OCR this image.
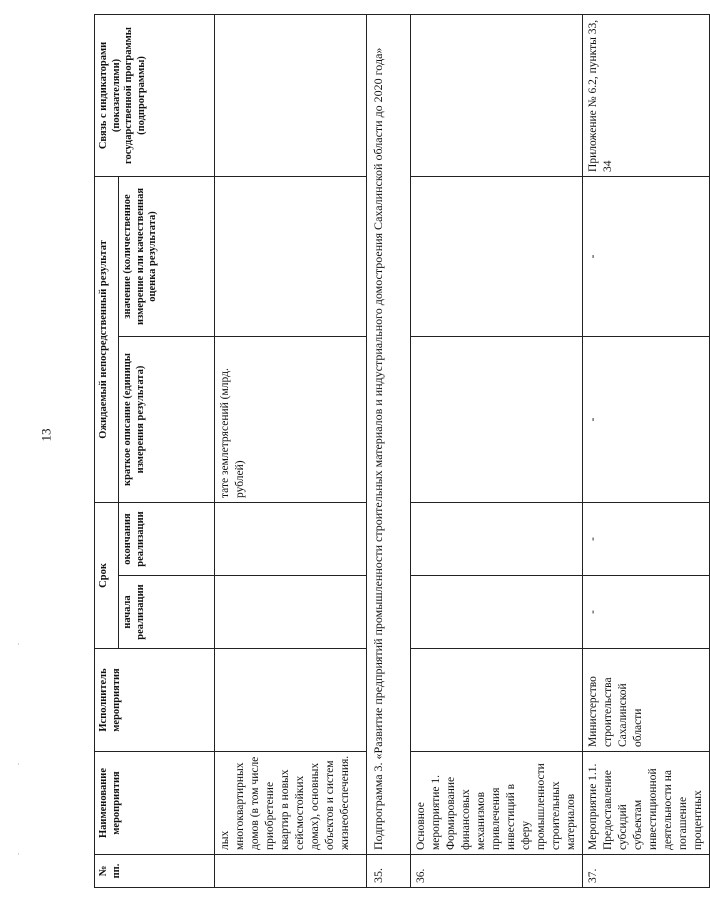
13
№ пп.	Наименование мероприятия	Исполнитель мероприятия	Срок		Ожидаемый непосредственный результат		Связь с индикаторами (показателями) государственной программы (подпрограммы)
			начала реализации	окончания реализации	краткое описание (единицы измерения результата)	значение (количественное измерение или качественная оценка результата)	
	лых многоквартирных домов (в том числе приобретение квартир в новых сейсмостойких домах), основных объектов и систем жизнеобеспечения.				тате землетрясений (млрд. рублей)		
35.	Подпрограмма 3. «Развитие предприятий промышленности строительных материалов и индустриального домостроения Сахалинской области до 2020 года»						
36.	Основное мероприятие 1. Формирование финансовых механизмов привлечения инвестиций в сферу промышленности строительных материалов						
37.	Мероприятие 1.1. Предоставление субсидий субъектам инвестиционной деятельности на погашение процентных	Министерство строительства Сахалинской области	-	-	-	-	Приложение № 6.2, пункты 33, 34
·
·
·
